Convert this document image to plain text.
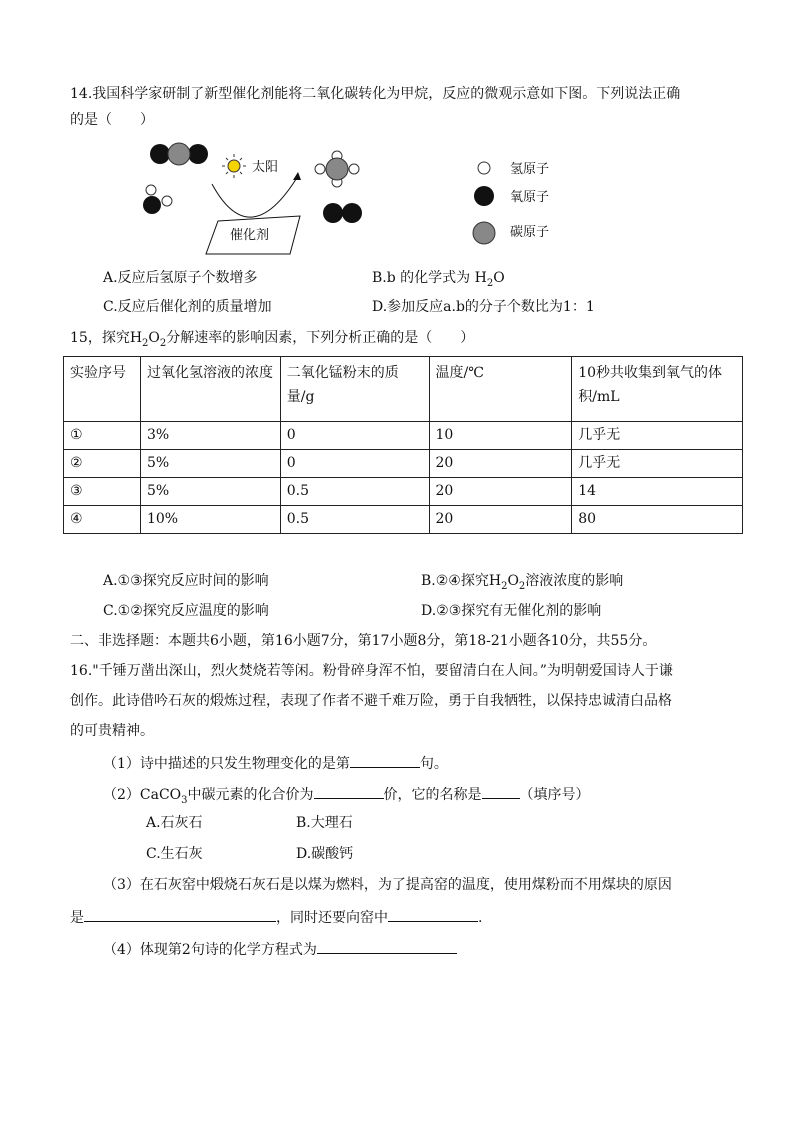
14.我国科学家研制了新型催化剂能将二氧化碳转化为甲烷，反应的微观示意如下图。下列说法正确
的是（　　）
太阳
催化剂
氢原子
氧原子
碳原子
A.反应后氢原子个数增多	B.b 的化学式为 $H_2O$
C.反应后催化剂的质量增加	D.参加反应a.b的分子个数比为1：1
15，探究$H_2O_2$分解速率的影响因素，下列分析正确的是（　　）
实验序号	过氧化氢溶液的浓度	二氧化锰粉末的质量/g	温度/℃	10秒共收集到氧气的体积/mL
①	3%	0	10	几乎无
②	5%	0	20	几乎无
③	5%	0.5	20	14
④	10%	0.5	20	80
A.①③探究反应时间的影响	B.②④探究$H_2O_2$溶液浓度的影响
C.①②探究反应温度的影响	D.②③探究有无催化剂的影响
二、非选择题：本题共6小题，第16小题7分，第17小题8分，第18-21小题各10分，共55分。
16."千锤万凿出深山，烈火焚烧若等闲。粉骨碎身浑不怕，要留清白在人间。”为明朝爱国诗人于谦
创作。此诗借吟石灰的煅炼过程，表现了作者不避千难万险，勇于自我牺牲，以保持忠诚清白品格
的可贵精神。
（1）诗中描述的只发生物理变化的是第	句。
（2）CaCO$_3$中碳元素的化合价为	价，它的名称是	（填序号）
A.石灰石	B.大理石
C.生石灰	D.碳酸钙
（3）在石灰窑中煅烧石灰石是以煤为燃料，为了提高窑的温度，使用煤粉而不用煤块的原因
是	，同时还要向窑中	.
（4）体现第2句诗的化学方程式为
